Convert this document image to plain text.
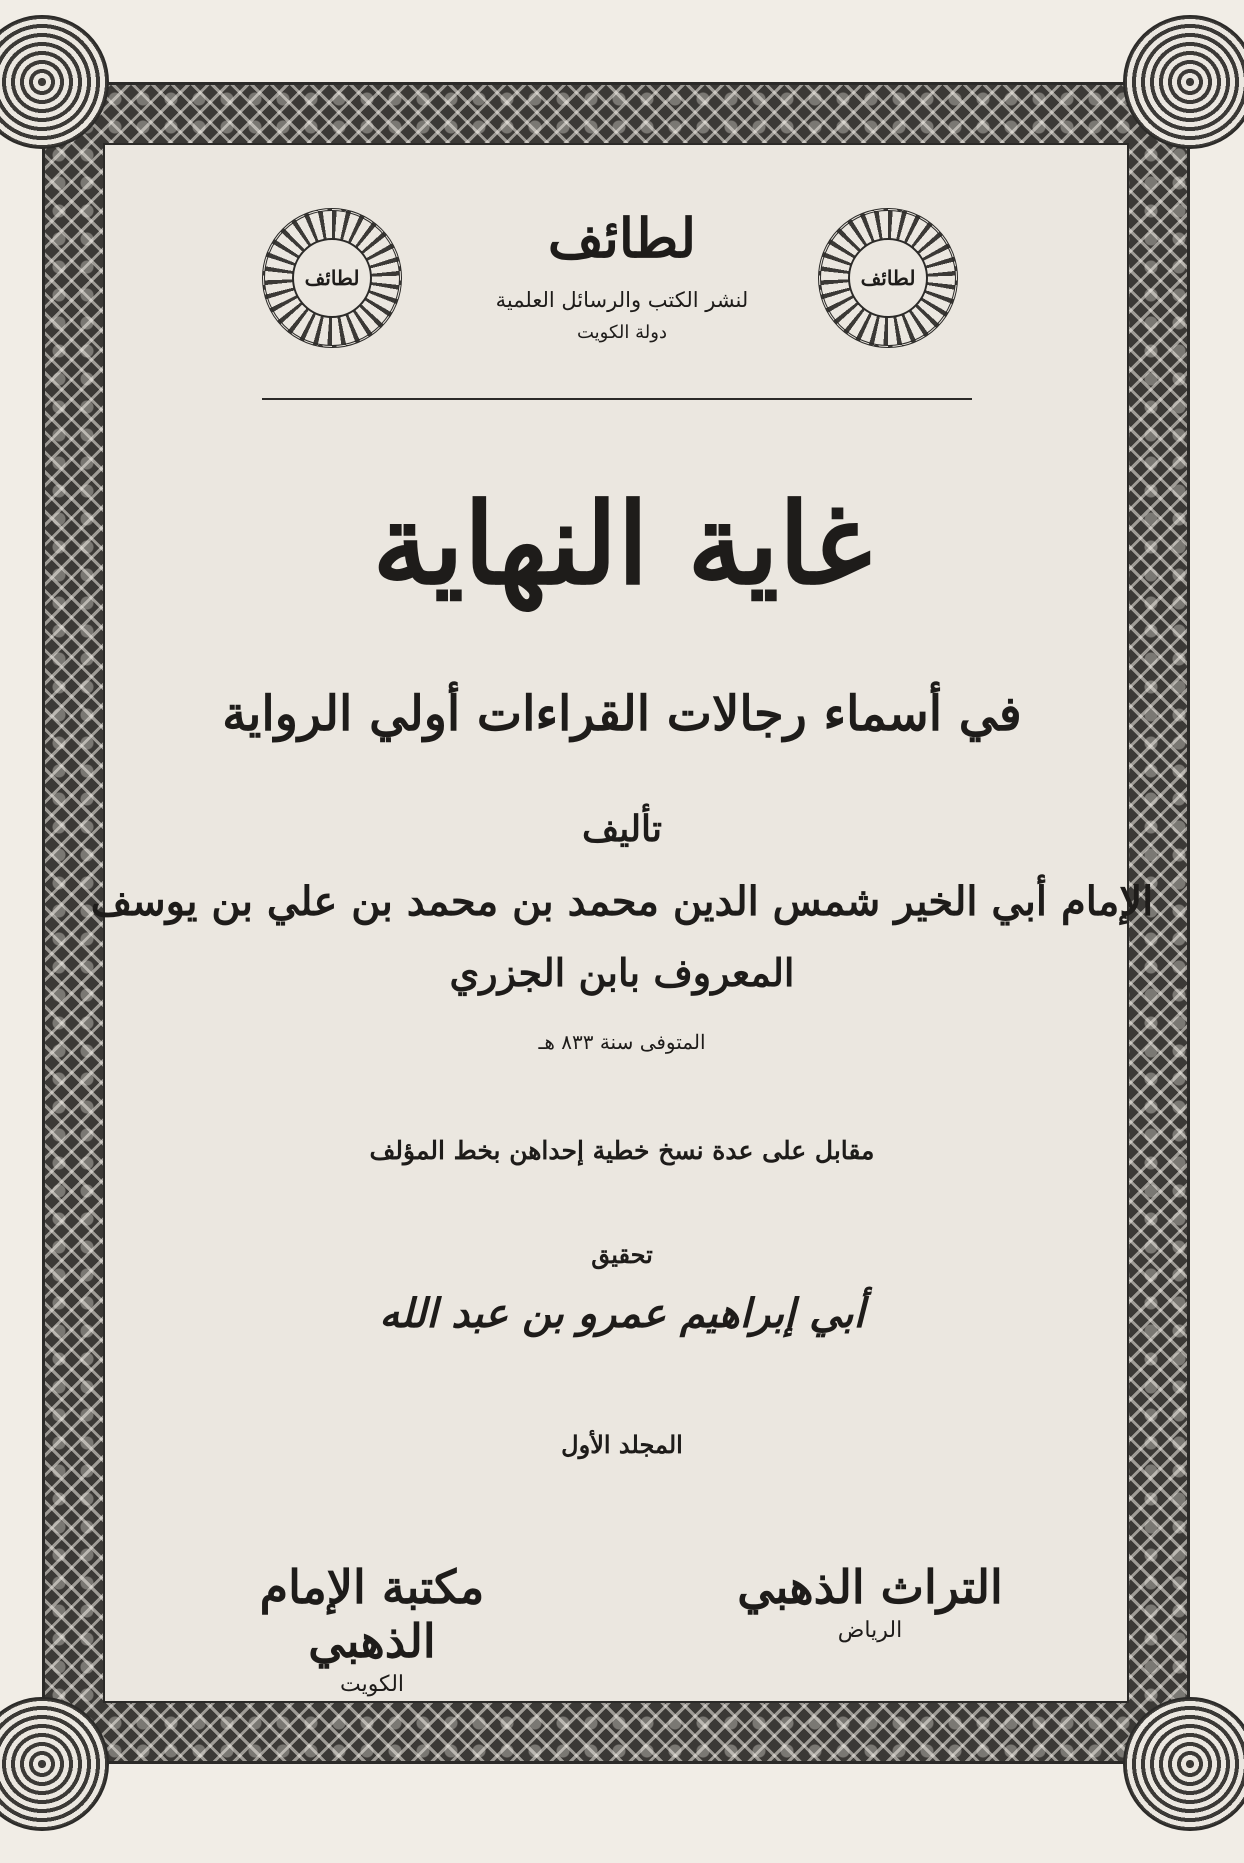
لطائف	لطائف

لطائف

لنشر الكتب والرسائل العلمية

دولة الكويت

غاية النهاية

في أسماء رجالات القراءات أولي الرواية

تأليف

الإمام أبي الخير شمس الدين محمد بن محمد بن علي بن يوسف

المعروف بابن الجزري

المتوفى سنة ٨٣٣ هـ

مقابل على عدة نسخ خطية إحداهن بخط المؤلف

تحقيق

أبي إبراهيم عمرو بن عبد الله

المجلد الأول

التراث الذهبي

الرياض

مكتبة الإمام الذهبي

الكويت
